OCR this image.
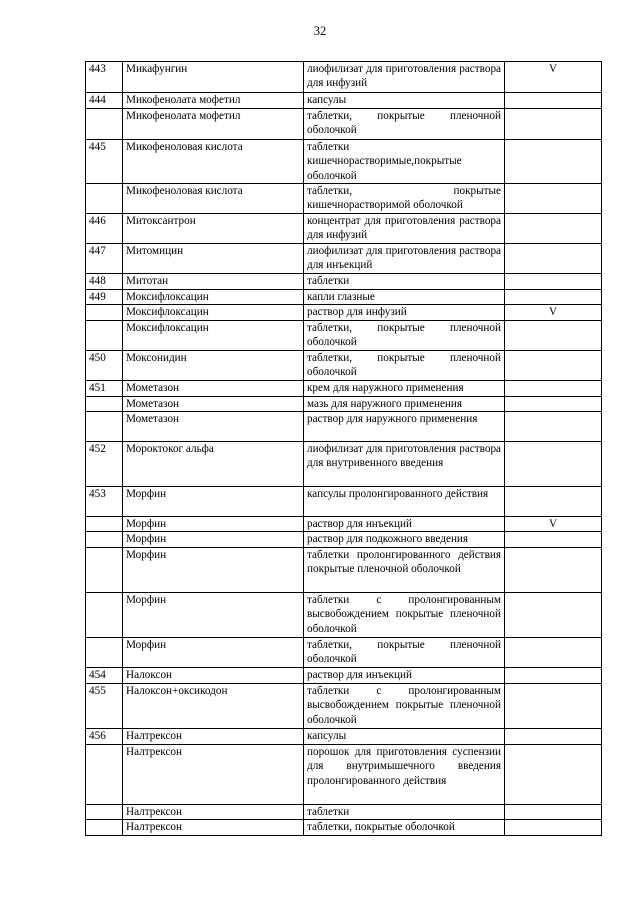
32
443	Микафунгин	лиофилизат для приготовления раствора для инфузий	V
444	Микофенолата мофетил	капсулы	
	Микофенолата мофетил	таблетки, покрытые пленочной оболочкой	
445	Микофеноловая кислота	таблетки кишечнорастворимые,покрытые оболочкой	
	Микофеноловая кислота	таблетки, покрытые кишечнорастворимой оболочкой	
446	Митоксантрон	концентрат для приготовления раствора для инфузий	
447	Митомицин	лиофилизат для приготовления раствора для инъекций	
448	Митотан	таблетки	
449	Моксифлоксацин	капли глазные	
	Моксифлоксацин	раствор для инфузий	V
	Моксифлоксацин	таблетки, покрытые пленочной оболочкой	
450	Моксонидин	таблетки, покрытые пленочной оболочкой	
451	Мометазон	крем для наружного применения	
	Мометазон	мазь для наружного применения	
	Мометазон	раствор для наружного применения	
452	Мороктоког альфа	лиофилизат для приготовления раствора для внутривенного введения	
453	Морфин	капсулы пролонгированного действия	
	Морфин	раствор для инъекций	V
	Морфин	раствор для подкожного введения	
	Морфин	таблетки пролонгированного действия покрытые пленочной оболочкой	
	Морфин	таблетки с пролонгированным высвобождением покрытые пленочной оболочкой	
	Морфин	таблетки, покрытые пленочной оболочкой	
454	Налоксон	раствор для инъекций	
455	Налоксон+оксикодон	таблетки с пролонгированным высвобождением покрытые пленочной оболочкой	
456	Налтрексон	капсулы	
	Налтрексон	порошок для приготовления суспензии для внутримышечного введения пролонгированного действия	
	Налтрексон	таблетки	
	Налтрексон	таблетки, покрытые оболочкой	
